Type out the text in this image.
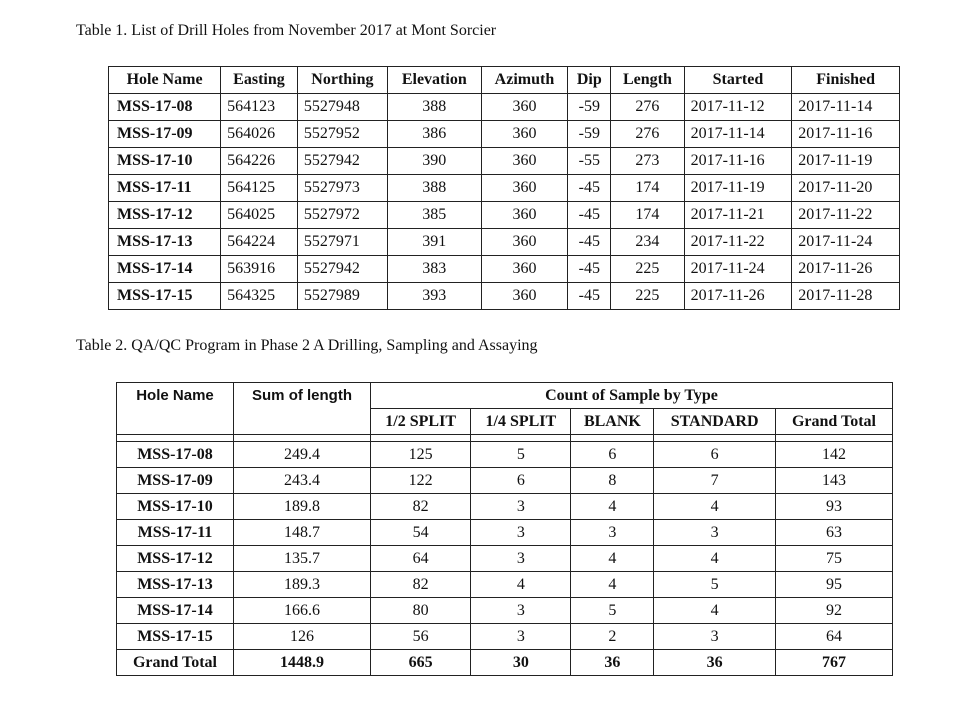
Table 1. List of Drill Holes from November 2017 at Mont Sorcier
Hole Name	Easting	Northing	Elevation	Azimuth	Dip	Length	Started	Finished
MSS-17-08	564123	5527948	388	360	-59	276	2017-11-12	2017-11-14
MSS-17-09	564026	5527952	386	360	-59	276	2017-11-14	2017-11-16
MSS-17-10	564226	5527942	390	360	-55	273	2017-11-16	2017-11-19
MSS-17-11	564125	5527973	388	360	-45	174	2017-11-19	2017-11-20
MSS-17-12	564025	5527972	385	360	-45	174	2017-11-21	2017-11-22
MSS-17-13	564224	5527971	391	360	-45	234	2017-11-22	2017-11-24
MSS-17-14	563916	5527942	383	360	-45	225	2017-11-24	2017-11-26
MSS-17-15	564325	5527989	393	360	-45	225	2017-11-26	2017-11-28
Table 2. QA/QC Program in Phase 2 A Drilling, Sampling and Assaying
Hole Name	Sum of length	Count of Sample by Type				
		1/2 SPLIT	1/4 SPLIT	BLANK	STANDARD	Grand Total

MSS-17-08	249.4	125	5	6	6	142
MSS-17-09	243.4	122	6	8	7	143
MSS-17-10	189.8	82	3	4	4	93
MSS-17-11	148.7	54	3	3	3	63
MSS-17-12	135.7	64	3	4	4	75
MSS-17-13	189.3	82	4	4	5	95
MSS-17-14	166.6	80	3	5	4	92
MSS-17-15	126	56	3	2	3	64
Grand Total	1448.9	665	30	36	36	767
